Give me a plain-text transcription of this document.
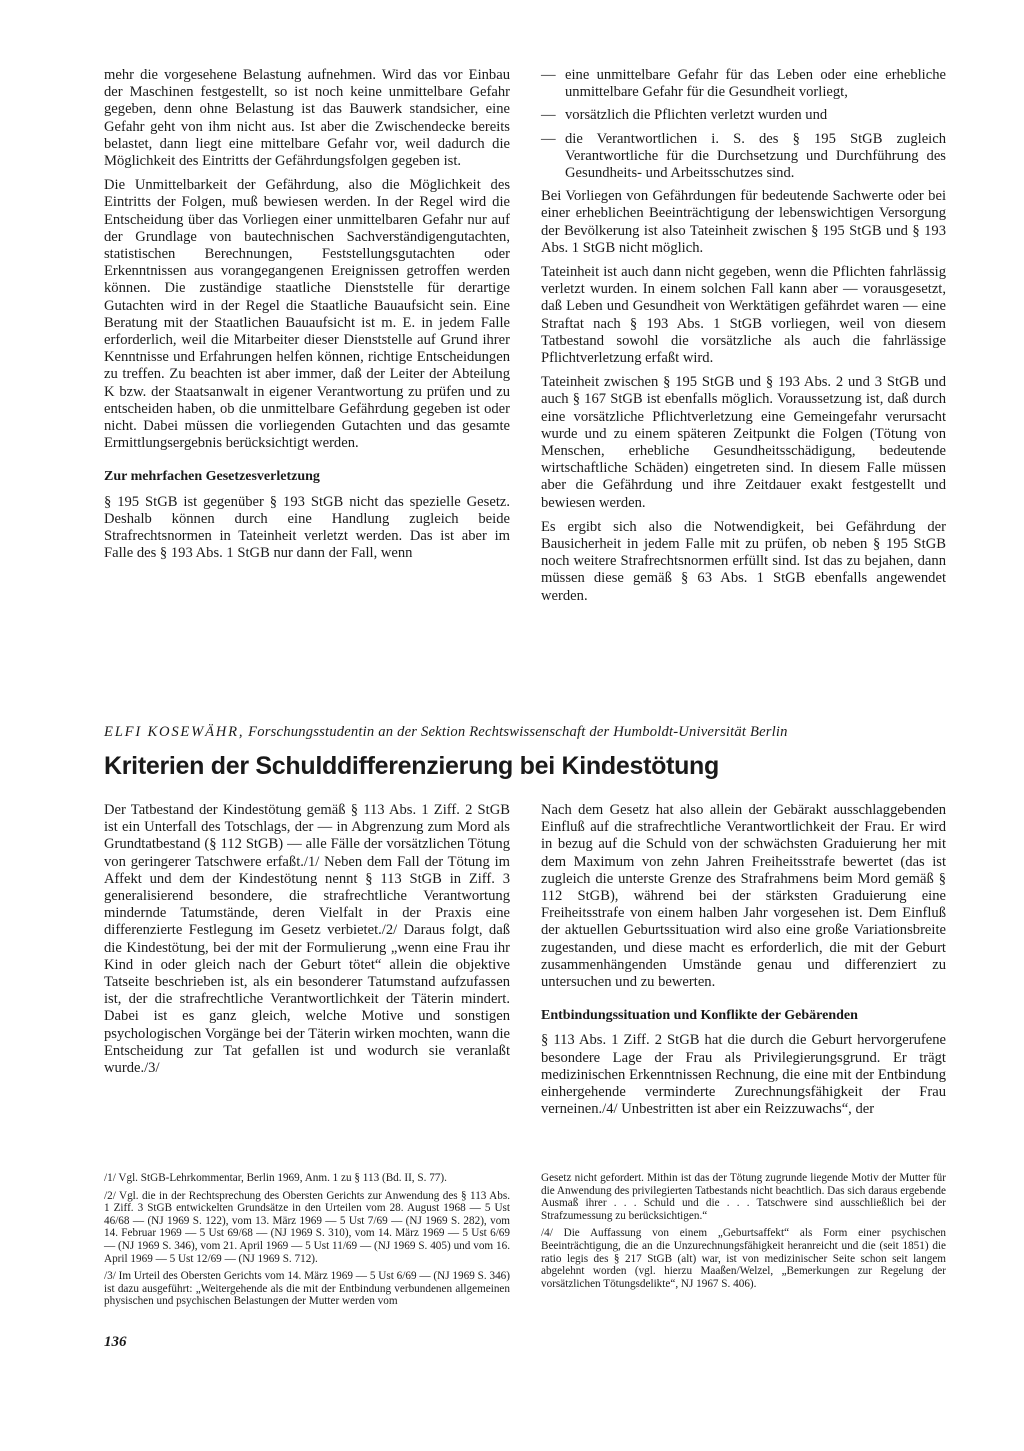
mehr die vorgesehene Belastung aufnehmen. Wird das vor Einbau der Maschinen festgestellt, so ist noch keine unmittelbare Gefahr gegeben, denn ohne Belastung ist das Bauwerk standsicher, eine Gefahr geht von ihm nicht aus. Ist aber die Zwischendecke bereits belastet, dann liegt eine mittelbare Gefahr vor, weil dadurch die Möglichkeit des Eintritts der Gefährdungsfolgen gegeben ist.

Die Unmittelbarkeit der Gefährdung, also die Möglichkeit des Eintritts der Folgen, muß bewiesen werden. In der Regel wird die Entscheidung über das Vorliegen einer unmittelbaren Gefahr nur auf der Grundlage von bautechnischen Sachverständigengutachten, statistischen Berechnungen, Feststellungsgutachten oder Erkenntnissen aus vorangegangenen Ereignissen getroffen werden können. Die zuständige staatliche Dienststelle für derartige Gutachten wird in der Regel die Staatliche Bauaufsicht sein. Eine Beratung mit der Staatlichen Bauaufsicht ist m. E. in jedem Falle erforderlich, weil die Mitarbeiter dieser Dienststelle auf Grund ihrer Kenntnisse und Erfahrungen helfen können, richtige Entscheidungen zu treffen. Zu beachten ist aber immer, daß der Leiter der Abteilung K bzw. der Staatsanwalt in eigener Verantwortung zu prüfen und zu entscheiden haben, ob die unmittelbare Gefährdung gegeben ist oder nicht. Dabei müssen die vorliegenden Gutachten und das gesamte Ermittlungsergebnis berücksichtigt werden.

Zur mehrfachen Gesetzesverletzung

§ 195 StGB ist gegenüber § 193 StGB nicht das spezielle Gesetz. Deshalb können durch eine Handlung zugleich beide Strafrechtsnormen in Tateinheit verletzt werden. Das ist aber im Falle des § 193 Abs. 1 StGB nur dann der Fall, wenn

— eine unmittelbare Gefahr für das Leben oder eine erhebliche unmittelbare Gefahr für die Gesundheit vorliegt,
— vorsätzlich die Pflichten verletzt wurden und
— die Verantwortlichen i. S. des § 195 StGB zugleich Verantwortliche für die Durchsetzung und Durchführung des Gesundheits- und Arbeitsschutzes sind.

Bei Vorliegen von Gefährdungen für bedeutende Sachwerte oder bei einer erheblichen Beeinträchtigung der lebenswichtigen Versorgung der Bevölkerung ist also Tateinheit zwischen § 195 StGB und § 193 Abs. 1 StGB nicht möglich.

Tateinheit ist auch dann nicht gegeben, wenn die Pflichten fahrlässig verletzt wurden. In einem solchen Fall kann aber — vorausgesetzt, daß Leben und Gesundheit von Werktätigen gefährdet waren — eine Straftat nach § 193 Abs. 1 StGB vorliegen, weil von diesem Tatbestand sowohl die vorsätzliche als auch die fahrlässige Pflichtverletzung erfaßt wird.

Tateinheit zwischen § 195 StGB und § 193 Abs. 2 und 3 StGB und auch § 167 StGB ist ebenfalls möglich. Voraussetzung ist, daß durch eine vorsätzliche Pflichtverletzung eine Gemeingefahr verursacht wurde und zu einem späteren Zeitpunkt die Folgen (Tötung von Menschen, erhebliche Gesundheitsschädigung, bedeutende wirtschaftliche Schäden) eingetreten sind. In diesem Falle müssen aber die Gefährdung und ihre Zeitdauer exakt festgestellt und bewiesen werden.

Es ergibt sich also die Notwendigkeit, bei Gefährdung der Bausicherheit in jedem Falle mit zu prüfen, ob neben § 195 StGB noch weitere Strafrechtsnormen erfüllt sind. Ist das zu bejahen, dann müssen diese gemäß § 63 Abs. 1 StGB ebenfalls angewendet werden.

ELFI KOSEWÄHR, Forschungsstudentin an der Sektion Rechtswissenschaft der Humboldt-Universität Berlin
Kriterien der Schulddifferenzierung bei Kindestötung

Der Tatbestand der Kindestötung gemäß § 113 Abs. 1 Ziff. 2 StGB ist ein Unterfall des Totschlags, der — in Abgrenzung zum Mord als Grundtatbestand (§ 112 StGB) — alle Fälle der vorsätzlichen Tötung von geringerer Tatschwere erfaßt./1/ Neben dem Fall der Tötung im Affekt und dem der Kindestötung nennt § 113 StGB in Ziff. 3 generalisierend besondere, die strafrechtliche Verantwortung mindernde Tatumstände, deren Vielfalt in der Praxis eine differenzierte Festlegung im Gesetz verbietet./2/ Daraus folgt, daß die Kindestötung, bei der mit der Formulierung „wenn eine Frau ihr Kind in oder gleich nach der Geburt tötet“ allein die objektive Tatseite beschrieben ist, als ein besonderer Tatumstand aufzufassen ist, der die strafrechtliche Verantwortlichkeit der Täterin mindert. Dabei ist es ganz gleich, welche Motive und sonstigen psychologischen Vorgänge bei der Täterin wirken mochten, wann die Entscheidung zur Tat gefallen ist und wodurch sie veranlaßt wurde./3/

Nach dem Gesetz hat also allein der Gebärakt ausschlaggebenden Einfluß auf die strafrechtliche Verantwortlichkeit der Frau. Er wird in bezug auf die Schuld von der schwächsten Graduierung her mit dem Maximum von zehn Jahren Freiheitsstrafe bewertet (das ist zugleich die unterste Grenze des Strafrahmens beim Mord gemäß § 112 StGB), während bei der stärksten Graduierung eine Freiheitsstrafe von einem halben Jahr vorgesehen ist. Dem Einfluß der aktuellen Geburtssituation wird also eine große Variationsbreite zugestanden, und diese macht es erforderlich, die mit der Geburt zusammenhängenden Umstände genau und differenziert zu untersuchen und zu bewerten.

Entbindungssituation und Konflikte der Gebärenden

§ 113 Abs. 1 Ziff. 2 StGB hat die durch die Geburt hervorgerufene besondere Lage der Frau als Privilegierungsgrund. Er trägt medizinischen Erkenntnissen Rechnung, die eine mit der Entbindung einhergehende verminderte Zurechnungsfähigkeit der Frau verneinen./4/ Unbestritten ist aber ein Reizzuwachs“, der

/1/ Vgl. StGB-Lehrkommentar, Berlin 1969, Anm. 1 zu § 113 (Bd. II, S. 77).

/2/ Vgl. die in der Rechtsprechung des Obersten Gerichts zur Anwendung des § 113 Abs. 1 Ziff. 3 StGB entwickelten Grundsätze in den Urteilen vom 28. August 1968 — 5 Ust 46/68 — (NJ 1969 S. 122), vom 13. März 1969 — 5 Ust 7/69 — (NJ 1969 S. 282), vom 14. Februar 1969 — 5 Ust 69/68 — (NJ 1969 S. 310), vom 14. März 1969 — 5 Ust 6/69 — (NJ 1969 S. 346), vom 21. April 1969 — 5 Ust 11/69 — (NJ 1969 S. 405) und vom 16. April 1969 — 5 Ust 12/69 — (NJ 1969 S. 712).

/3/ Im Urteil des Obersten Gerichts vom 14. März 1969 — 5 Ust 6/69 — (NJ 1969 S. 346) ist dazu ausgeführt: „Weitergehende als die mit der Entbindung verbundenen allgemeinen physischen und psychischen Belastungen der Mutter werden vom

Gesetz nicht gefordert. Mithin ist das der Tötung zugrunde liegende Motiv der Mutter für die Anwendung des privilegierten Tatbestands nicht beachtlich. Das sich daraus ergebende Ausmaß ihrer . . . Schuld und die . . . Tatschwere sind ausschließlich bei der Strafzumessung zu berücksichtigen.“

/4/ Die Auffassung von einem „Geburtsaffekt“ als Form einer psychischen Beeinträchtigung, die an die Unzurechnungsfähigkeit heranreicht und die (seit 1851) die ratio legis des § 217 StGB (alt) war, ist von medizinischer Seite schon seit langem abgelehnt worden (vgl. hierzu Maaßen/Welzel, „Bemerkungen zur Regelung der vorsätzlichen Tötungsdelikte“, NJ 1967 S. 406).

136
